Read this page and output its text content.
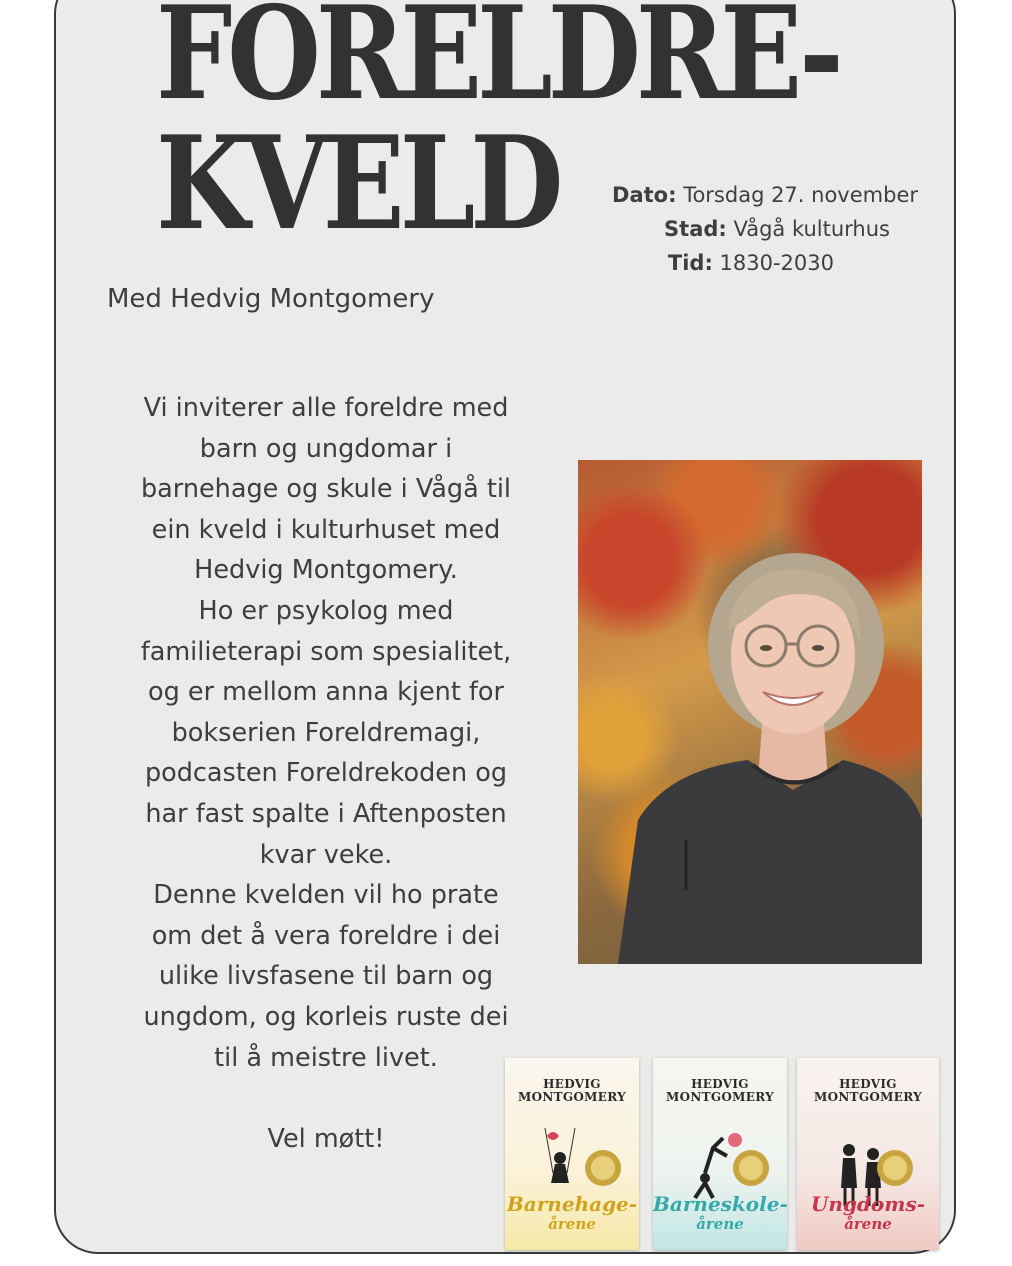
FORELDRE-
KVELD	Dato: Torsdag 27. november
Stad: Vågå kulturhus
Tid: 1830-2030
Med Hedvig Montgomery
Vi inviterer alle foreldre med
barn og ungdomar i
barnehage og skule i Vågå til
ein kveld i kulturhuset med
Hedvig Montgomery.
Ho er psykolog med
familieterapi som spesialitet,
og er mellom anna kjent for
bokserien Foreldremagi,
podcasten Foreldrekoden og
har fast spalte i Aftenposten
kvar veke.
Denne kvelden vil ho prate
om det å vera foreldre i dei
ulike livsfasene til barn og
ungdom, og korleis ruste dei
til å meistre livet.
Vel møtt!
HEDVIG
MONTGOMERY
Barnehage-
årene
HEDVIG
MONTGOMERY
Barneskole-
årene
HEDVIG
MONTGOMERY
Ungdoms-
årene
